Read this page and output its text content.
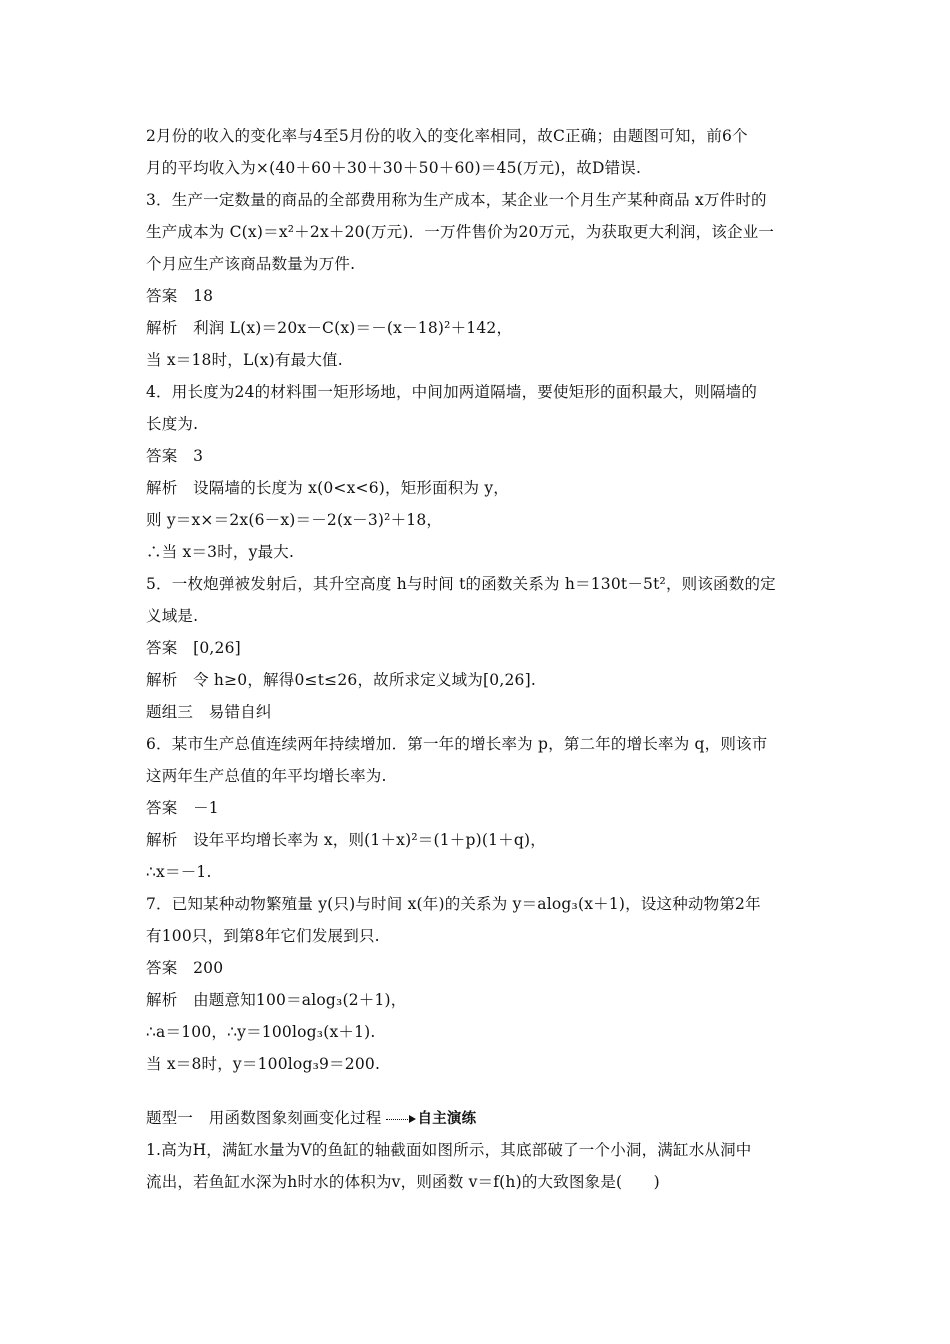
2月份的收入的变化率与4至5月份的收入的变化率相同，故C正确；由题图可知，前6个
月的平均收入为×(40＋60＋30＋30＋50＋60)＝45(万元)，故D错误.
3．生产一定数量的商品的全部费用称为生产成本，某企业一个月生产某种商品 x万件时的
生产成本为 C(x)＝x²＋2x＋20(万元)．一万件售价为20万元，为获取更大利润，该企业一
个月应生产该商品数量为万件.
答案　18
解析　利润 L(x)＝20x－C(x)＝－(x－18)²＋142，
当 x＝18时，L(x)有最大值.
4．用长度为24的材料围一矩形场地，中间加两道隔墙，要使矩形的面积最大，则隔墙的
长度为.
答案　3
解析　设隔墙的长度为 x(0<x<6)，矩形面积为 y，
则 y＝x×＝2x(6－x)＝－2(x－3)²＋18，
∴当 x＝3时，y最大.
5．一枚炮弹被发射后，其升空高度 h与时间 t的函数关系为 h＝130t－5t²，则该函数的定
义域是.
答案　[0,26]
解析　令 h≥0，解得0≤t≤26，故所求定义域为[0,26].
题组三　易错自纠
6．某市生产总值连续两年持续增加．第一年的增长率为 p，第二年的增长率为 q，则该市
这两年生产总值的年平均增长率为.
答案　－1
解析　设年平均增长率为 x，则(1＋x)²＝(1＋p)(1＋q)，
∴x＝－1.
7．已知某种动物繁殖量 y(只)与时间 x(年)的关系为 y＝alog₃(x＋1)，设这种动物第2年
有100只，到第8年它们发展到只.
答案　200
解析　由题意知100＝alog₃(2＋1)，
∴a＝100，∴y＝100log₃(x＋1).
当 x＝8时，y＝100log₃9＝200.
题型一　用函数图象刻画变化过程 自主演练
1.高为H，满缸水量为V的鱼缸的轴截面如图所示，其底部破了一个小洞，满缸水从洞中
流出，若鱼缸水深为h时水的体积为v，则函数 v＝f(h)的大致图象是(　　)
